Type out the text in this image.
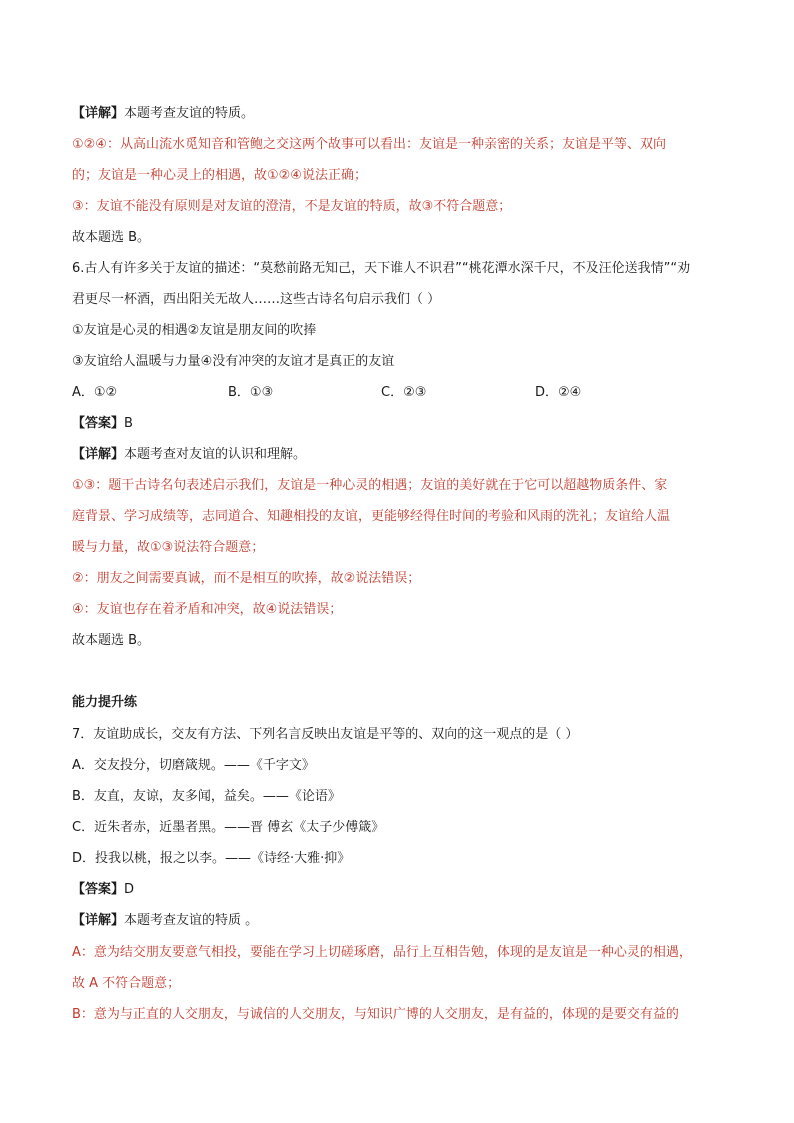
【详解】本题考查友谊的特质。
①②④：从高山流水觅知音和管鲍之交这两个故事可以看出：友谊是一种亲密的关系；友谊是平等、双向
的；友谊是一种心灵上的相遇，故①②④说法正确；
③：友谊不能没有原则是对友谊的澄清，不是友谊的特质，故③不符合题意；
故本题选 B。
6.古人有许多关于友谊的描述：“莫愁前路无知己，天下谁人不识君”“桃花潭水深千尺，不及汪伦送我情”“劝
君更尽一杯酒，西出阳关无故人……这些古诗名句启示我们（ ）
①友谊是心灵的相遇②友谊是朋友间的吹捧
③友谊给人温暖与力量④没有冲突的友谊才是真正的友谊
A．①②	B．①③	C．②③	D．②④
【答案】B
【详解】本题考查对友谊的认识和理解。
①③：题干古诗名句表述启示我们，友谊是一种心灵的相遇；友谊的美好就在于它可以超越物质条件、家
庭背景、学习成绩等，志同道合、知趣相投的友谊，更能够经得住时间的考验和风雨的洗礼；友谊给人温
暖与力量，故①③说法符合题意；
②：朋友之间需要真诚，而不是相互的吹捧，故②说法错误；
④：友谊也存在着矛盾和冲突，故④说法错误；
故本题选 B。
能力提升练
7．友谊助成长，交友有方法、下列名言反映出友谊是平等的、双向的这一观点的是（ ）
A．交友投分，切磨箴规。——《千字文》
B．友直，友谅，友多闻，益矣。——《论语》
C．近朱者赤，近墨者黑。——晋 傅玄《太子少傅箴》
D．投我以桃，报之以李。——《诗经·大雅·抑》
【答案】D
【详解】本题考查友谊的特质 。
A：意为结交朋友要意气相投，要能在学习上切磋琢磨，品行上互相告勉，体现的是友谊是一种心灵的相遇，
故 A 不符合题意；
B：意为与正直的人交朋友，与诚信的人交朋友，与知识广博的人交朋友，是有益的，体现的是要交有益的
